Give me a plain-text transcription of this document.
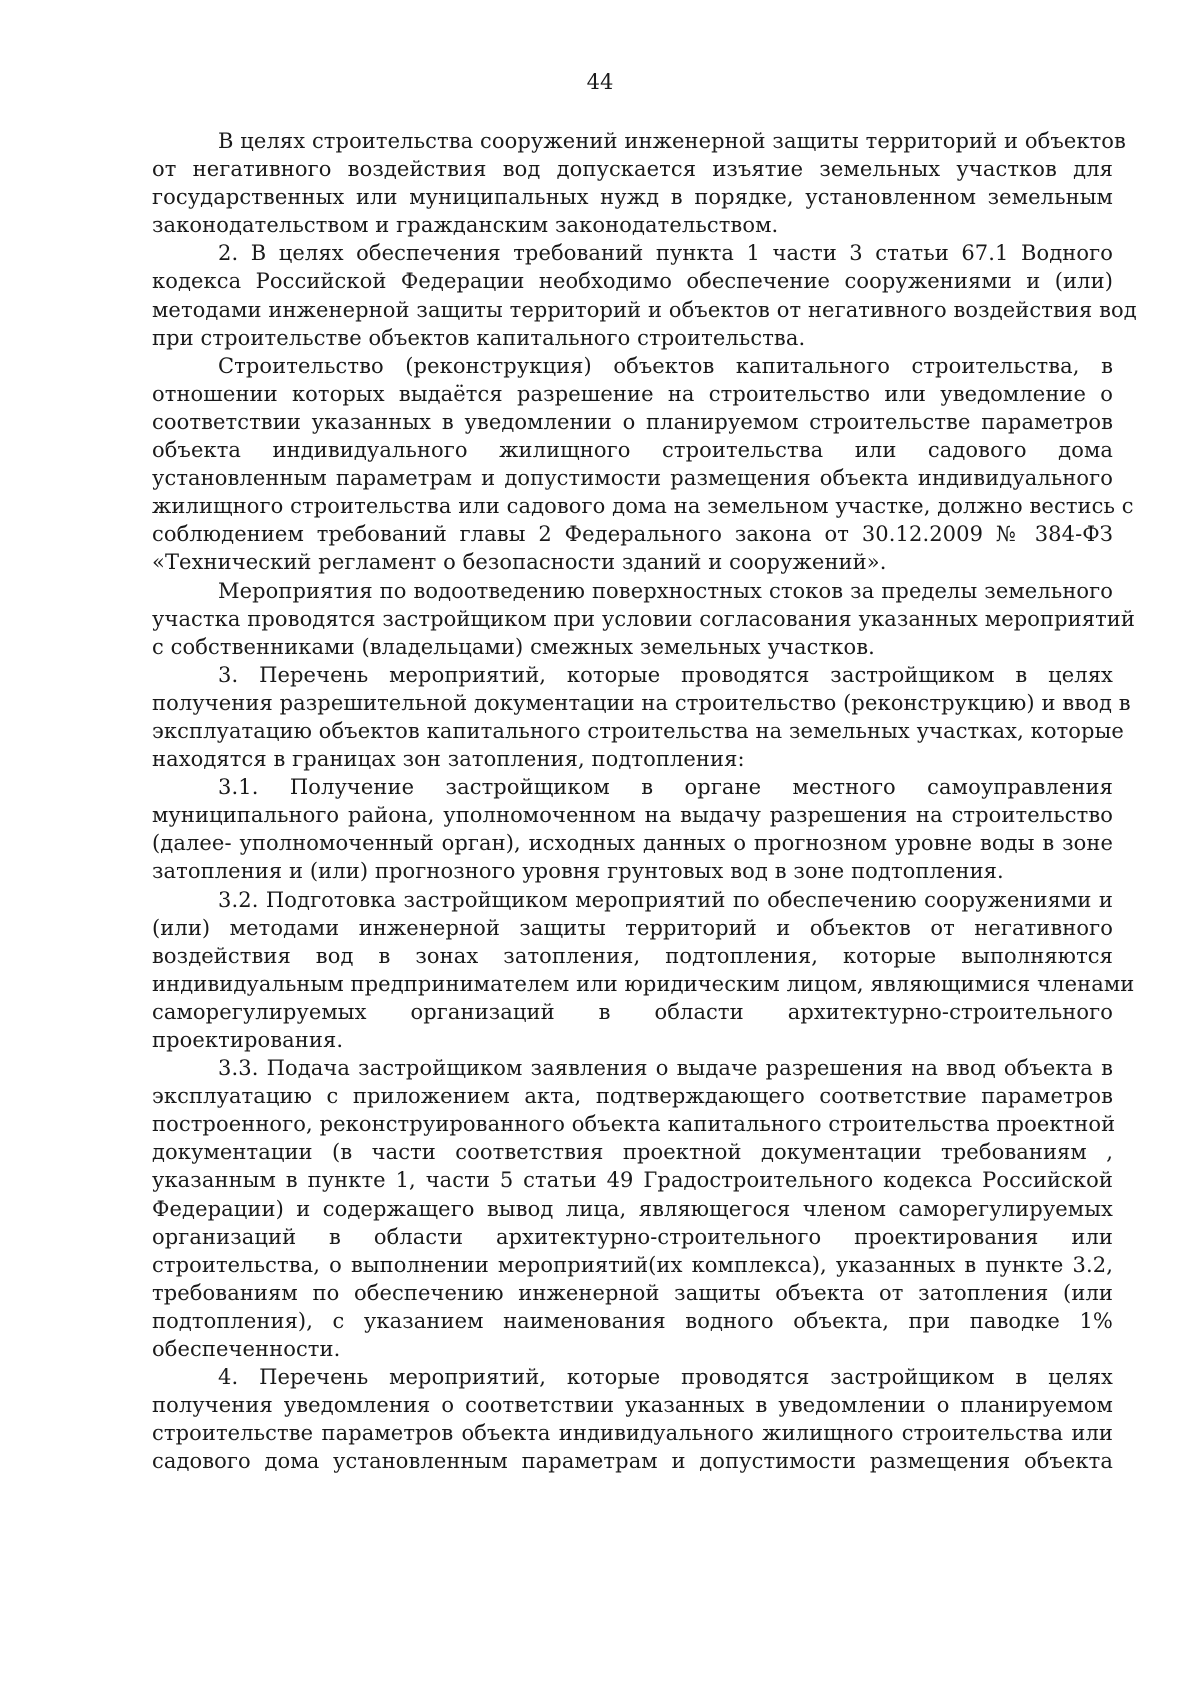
44
В целях строительства сооружений инженерной защиты территорий и объектов
от негативного воздействия вод допускается изъятие земельных участков для
государственных или муниципальных нужд в порядке, установленном земельным
законодательством и гражданским законодательством.
2. В целях обеспечения требований пункта 1 части 3 статьи 67.1 Водного
кодекса Российской Федерации необходимо обеспечение сооружениями и (или)
методами инженерной защиты территорий и объектов от негативного воздействия вод
при строительстве объектов капитального строительства.
Строительство (реконструкция) объектов капитального строительства, в
отношении которых выдаётся разрешение на строительство или уведомление о
соответствии указанных в уведомлении о планируемом строительстве параметров
объекта индивидуального жилищного строительства или садового дома
установленным параметрам и допустимости размещения объекта индивидуального
жилищного строительства или садового дома на земельном участке, должно вестись с
соблюдением требований главы 2 Федерального закона от 30.12.2009 № 384-ФЗ
«Технический регламент о безопасности зданий и сооружений».
Мероприятия по водоотведению поверхностных стоков за пределы земельного
участка проводятся застройщиком при условии согласования указанных мероприятий
с собственниками (владельцами) смежных земельных участков.
3. Перечень мероприятий, которые проводятся застройщиком в целях
получения разрешительной документации на строительство (реконструкцию) и ввод в
эксплуатацию объектов капитального строительства на земельных участках, которые
находятся в границах зон затопления, подтопления:
3.1. Получение застройщиком в органе местного самоуправления
муниципального района, уполномоченном на выдачу разрешения на строительство
(далее- уполномоченный орган), исходных данных о прогнозном уровне воды в зоне
затопления и (или) прогнозного уровня грунтовых вод в зоне подтопления.
3.2. Подготовка застройщиком мероприятий по обеспечению сооружениями и
(или) методами инженерной защиты территорий и объектов от негативного
воздействия вод в зонах затопления, подтопления, которые выполняются
индивидуальным предпринимателем или юридическим лицом, являющимися членами
саморегулируемых организаций в области архитектурно-строительного
проектирования.
3.3. Подача застройщиком заявления о выдаче разрешения на ввод объекта в
эксплуатацию с приложением акта, подтверждающего соответствие параметров
построенного, реконструированного объекта капитального строительства проектной
документации (в части соответствия проектной документации требованиям ,
указанным в пункте 1, части 5 статьи 49 Градостроительного кодекса Российской
Федерации) и содержащего вывод лица, являющегося членом саморегулируемых
организаций в области архитектурно-строительного проектирования или
строительства, о выполнении мероприятий(их комплекса), указанных в пункте 3.2,
требованиям по обеспечению инженерной защиты объекта от затопления (или
подтопления), с указанием наименования водного объекта, при паводке 1%
обеспеченности.
4. Перечень мероприятий, которые проводятся застройщиком в целях
получения уведомления о соответствии указанных в уведомлении о планируемом
строительстве параметров объекта индивидуального жилищного строительства или
садового дома установленным параметрам и допустимости размещения объекта
